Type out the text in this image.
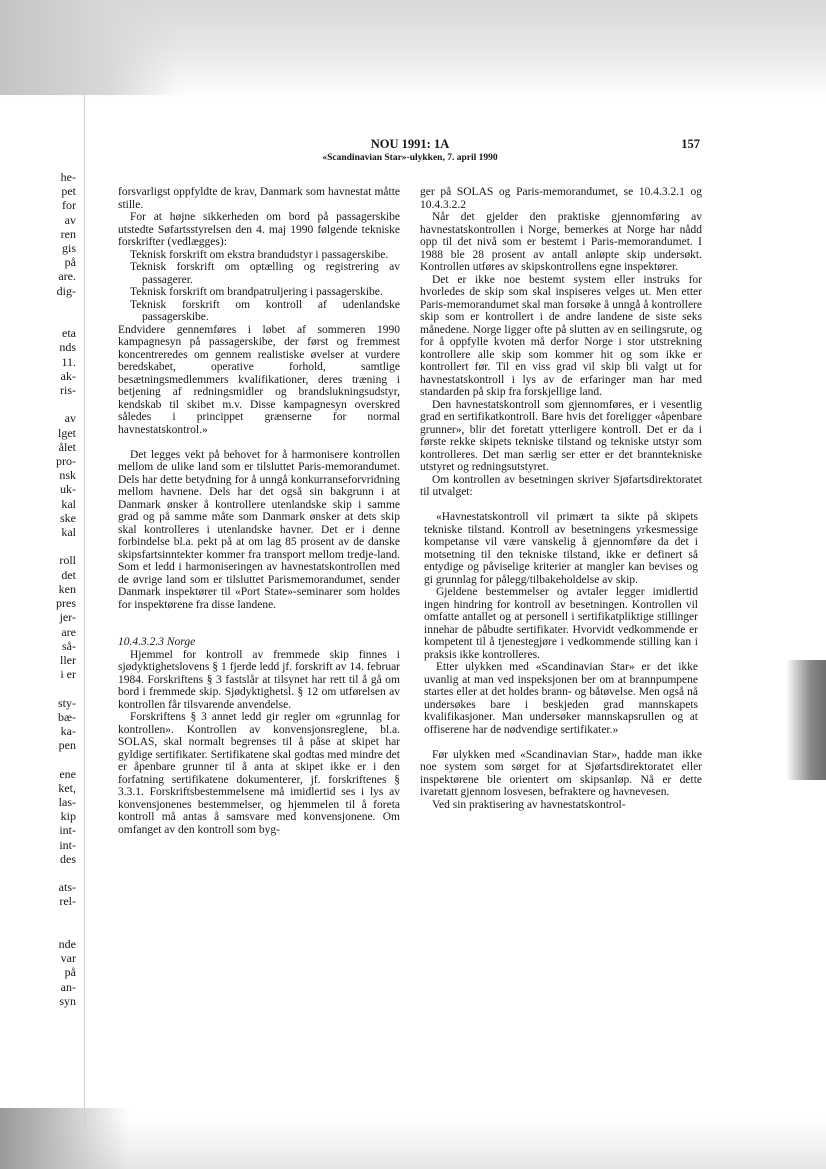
NOU 1991: 1A	157
«Scandinavian Star»-ulykken, 7. april 1990
he-
pet
for
av
ren
gis
på
are.
dig-

eta
nds
11.
ak-
ris-

av
lget
ålet
pro-
nsk
uk-
kal
ske
kal

roll
det
ken
pres
jer-
are
så-
ller
i er

sty-
bæ-
ka-
pen

ene
ket,
las-
kip
int-
int-
des

ats-
rel-

nde
var
på
an-
syn

forsvarligst oppfyldte de krav, Danmark som havnestat måtte stille.

For at højne sikkerheden om bord på passagerskibe utstedte Søfartsstyrelsen den 4. maj 1990 følgende tekniske forskrifter (vedlægges):

Teknisk forskrift om ekstra brandudstyr i passagerskibe.

Teknisk forskrift om optælling og registrering av passagerer.

Teknisk forskrift om brandpatruljering i passagerskibe.

Teknisk forskrift om kontroll af udenlandske passagerskibe.

Endvidere gennemføres i løbet af sommeren 1990 kampagnesyn på passagerskibe, der først og fremmest koncentreredes om gennem realistiske øvelser at vurdere beredskabet, operative forhold, samtlige besætningsmedlemmers kvalifikationer, deres træning i betjening af redningsmidler og brandslukningsudstyr, kendskab til skibet m.v. Disse kampagnesyn overskred således i princippet grænserne for normal havnestatskontrol.»

Det legges vekt på behovet for å harmonisere kontrollen mellom de ulike land som er tilsluttet Paris-memorandumet. Dels har dette betydning for å unngå konkurranseforvridning mellom havnene. Dels har det også sin bakgrunn i at Danmark ønsker å kontrollere utenlandske skip i samme grad og på samme måte som Danmark ønsker at dets skip skal kontrolleres i utenlandske havner. Det er i denne forbindelse bl.a. pekt på at om lag 85 prosent av de danske skipsfartsinntekter kommer fra transport mellom tredje-land. Som et ledd i harmoniseringen av havnestatskontrollen med de øvrige land som er tilsluttet Parismemorandumet, sender Danmark inspektører til «Port State»-seminarer som holdes for inspektørene fra disse landene.

10.4.3.2.3 Norge

Hjemmel for kontroll av fremmede skip finnes i sjødyktighetslovens § 1 fjerde ledd jf. forskrift av 14. februar 1984. Forskriftens § 3 fastslår at tilsynet har rett til å gå om bord i fremmede skip. Sjødyktighetsl. § 12 om utførelsen av kontrollen får tilsvarende anvendelse.

Forskriftens § 3 annet ledd gir regler om «grunnlag for kontrollen». Kontrollen av konvensjonsreglene, bl.a. SOLAS, skal normalt begrenses til å påse at skipet har gyldige sertifikater. Sertifikatene skal godtas med mindre det er åpenbare grunner til å anta at skipet ikke er i den forfatning sertifikatene dokumenterer, jf. forskriftenes § 3.3.1. Forskriftsbestemmelsene må imidlertid ses i lys av konvensjonenes bestemmelser, og hjemmelen til å foreta kontroll må antas å samsvare med konvensjonene. Om omfanget av den kontroll som byg-

ger på SOLAS og Paris-memorandumet, se 10.4.3.2.1 og 10.4.3.2.2

Når det gjelder den praktiske gjennomføring av havnestatskontrollen i Norge, bemerkes at Norge har nådd opp til det nivå som er bestemt i Paris-memorandumet. I 1988 ble 28 prosent av antall anløpte skip undersøkt. Kontrollen utføres av skipskontrollens egne inspektører.

Det er ikke noe bestemt system eller instruks for hvorledes de skip som skal inspiseres velges ut. Men etter Paris-memorandumet skal man forsøke å unngå å kontrollere skip som er kontrollert i de andre landene de siste seks månedene. Norge ligger ofte på slutten av en seilingsrute, og for å oppfylle kvoten må derfor Norge i stor utstrekning kontrollere alle skip som kommer hit og som ikke er kontrollert før. Til en viss grad vil skip bli valgt ut for havnestatskontroll i lys av de erfaringer man har med standarden på skip fra forskjellige land.

Den havnestatskontroll som gjennomføres, er i vesentlig grad en sertifikatkontroll. Bare hvis det foreligger «åpenbare grunner», blir det foretatt ytterligere kontroll. Det er da i første rekke skipets tekniske tilstand og tekniske utstyr som kontrolleres. Det man særlig ser etter er det branntekniske utstyret og redningsutstyret.

Om kontrollen av besetningen skriver Sjøfartsdirektoratet til utvalget:

«Havnestatskontroll vil primært ta sikte på skipets tekniske tilstand. Kontroll av besetningens yrkesmessige kompetanse vil være vanskelig å gjennomføre da det i motsetning til den tekniske tilstand, ikke er definert så entydige og påviselige kriterier at mangler kan bevises og gi grunnlag for pålegg/tilbakeholdelse av skip.

Gjeldene bestemmelser og avtaler legger imidlertid ingen hindring for kontroll av besetningen. Kontrollen vil omfatte antallet og at personell i sertifikatpliktige stillinger innehar de påbudte sertifikater. Hvorvidt vedkommende er kompetent til å tjenestegjøre i vedkommende stilling kan i praksis ikke kontrolleres.

Etter ulykken med «Scandinavian Star» er det ikke uvanlig at man ved inspeksjonen ber om at brannpumpene startes eller at det holdes brann- og båtøvelse. Men også nå undersøkes bare i beskjeden grad mannskapets kvalifikasjoner. Man undersøker mannskapsrullen og at offiserene har de nødvendige sertifikater.»

Før ulykken med «Scandinavian Star», hadde man ikke noe system som sørget for at Sjøfartsdirektoratet eller inspektørene ble orientert om skipsanløp. Nå er dette ivaretatt gjennom losvesen, befraktere og havnevesen.

Ved sin praktisering av havnestatskontrol-
